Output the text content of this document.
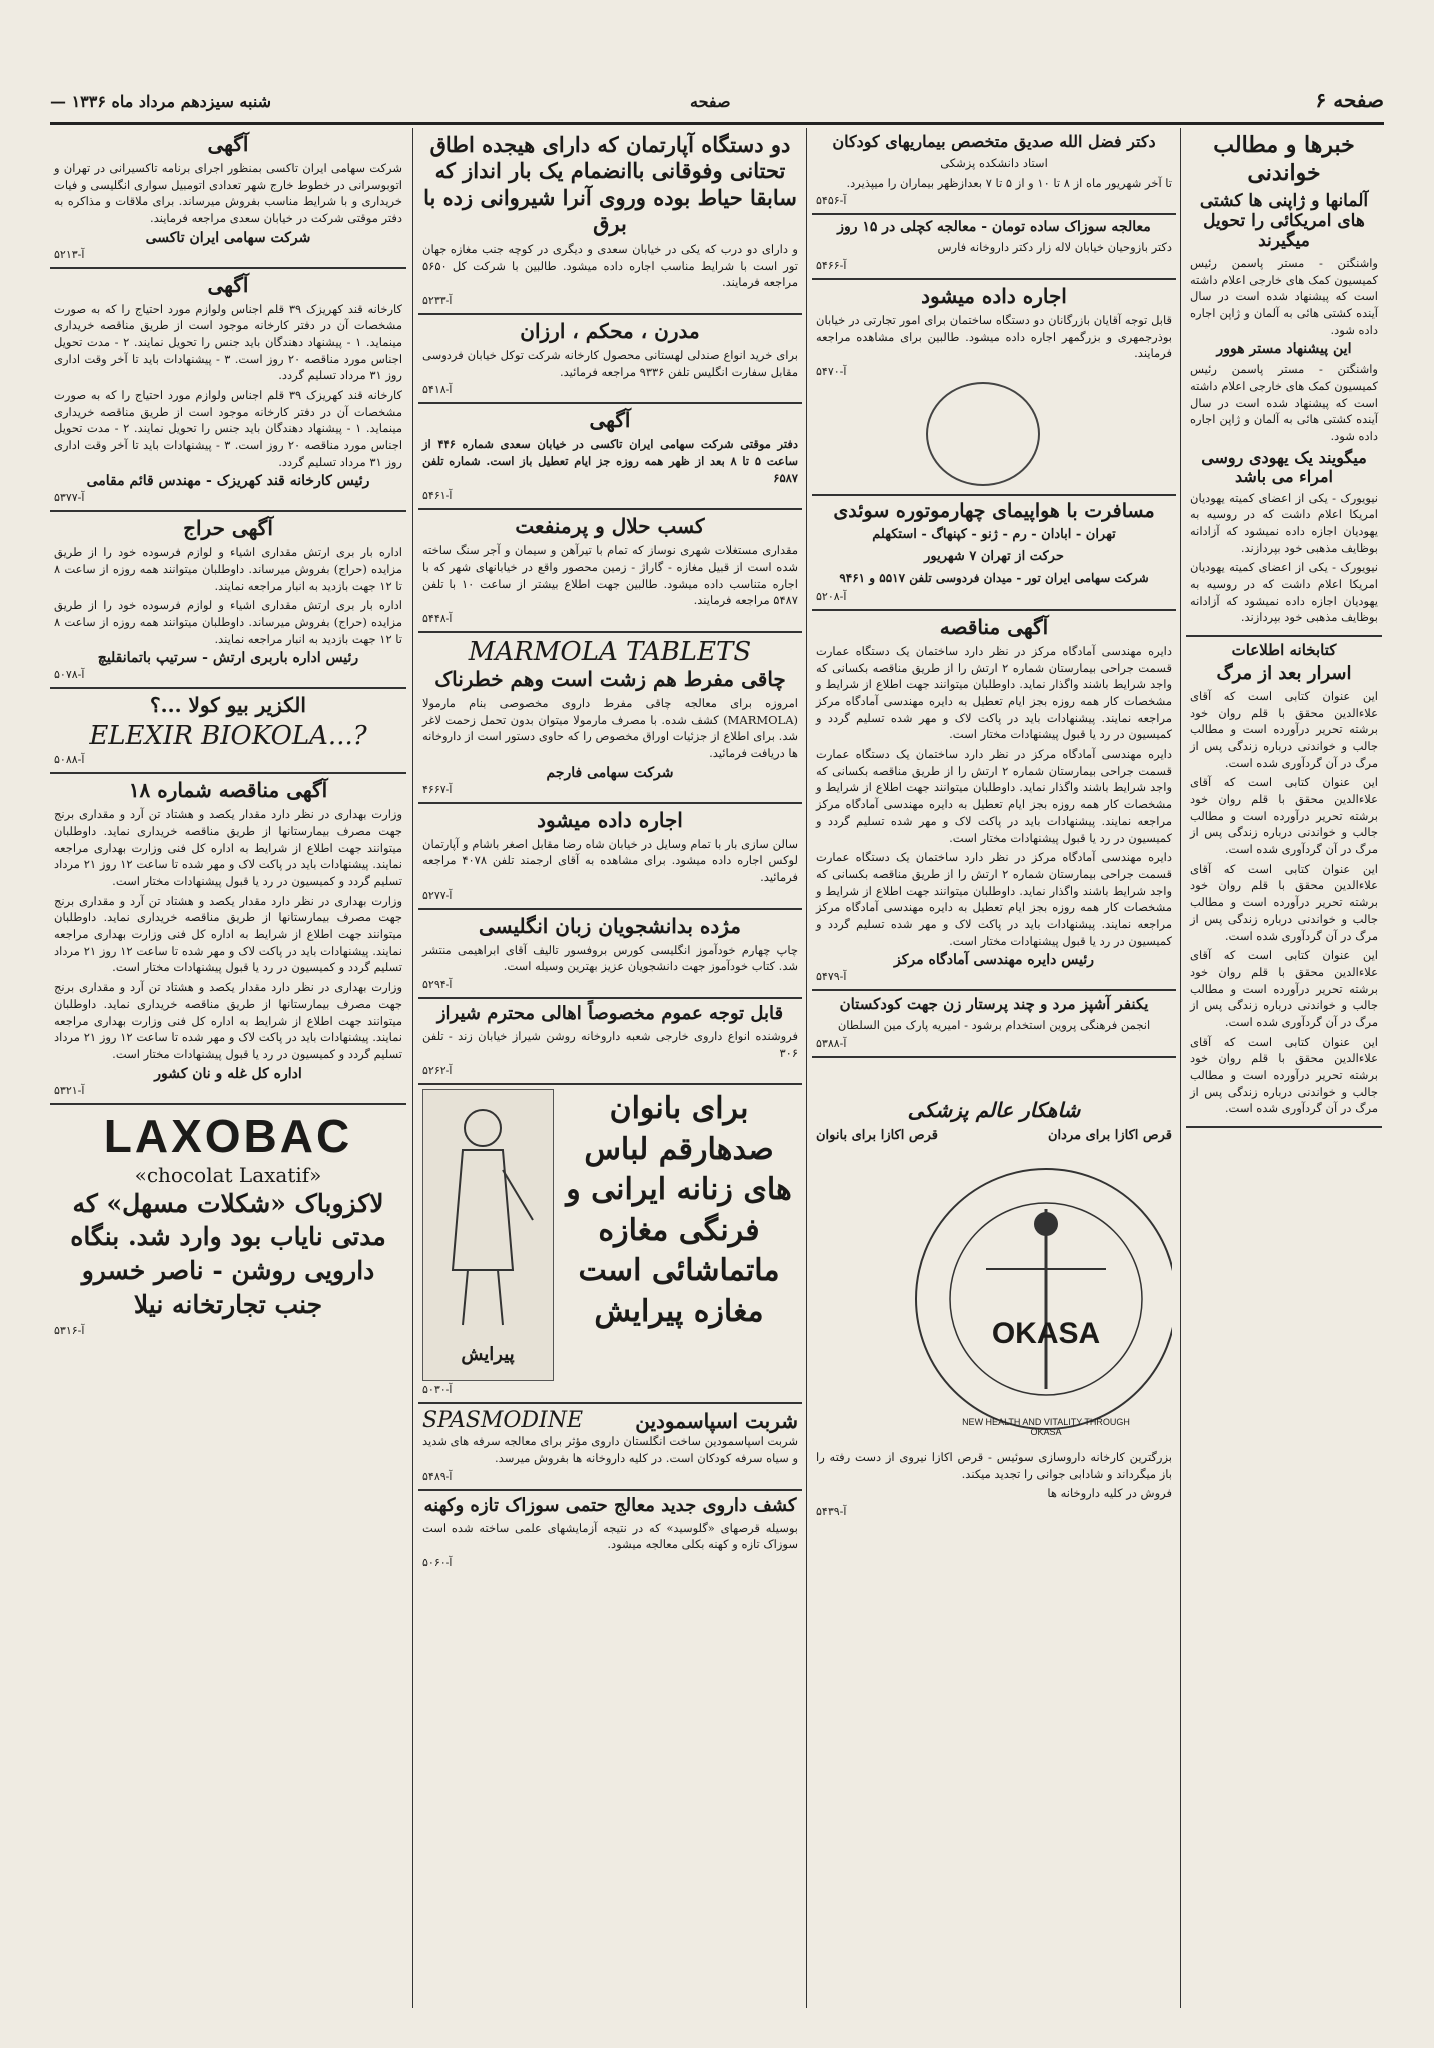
— شنبه سیزدهم مرداد ماه ۱۳۳۶	صفحه	صفحه ۶
خبرها و مطالب خواندنی
آلمانها و ژاپنی ها کشتی های امریکائی را تحویل میگیرند

واشنگتن - مستر پاسمن رئیس کمیسیون کمک های خارجی اعلام داشته است که پیشنهاد شده است در سال آینده کشتی هائی به آلمان و ژاپن اجاره داده شود.

این پیشنهاد مستر هوور

واشنگتن - مستر پاسمن رئیس کمیسیون کمک های خارجی اعلام داشته است که پیشنهاد شده است در سال آینده کشتی هائی به آلمان و ژاپن اجاره داده شود.

میگویند یک یهودی روسی امراء می باشد

نیویورک - یکی از اعضای کمیته یهودیان امریکا اعلام داشت که در روسیه به یهودیان اجازه داده نمیشود که آزادانه بوظایف مذهبی خود بپردازند.

نیویورک - یکی از اعضای کمیته یهودیان امریکا اعلام داشت که در روسیه به یهودیان اجازه داده نمیشود که آزادانه بوظایف مذهبی خود بپردازند.

کتابخانه اطلاعات
اسرار بعد از مرگ

این عنوان کتابی است که آقای علاءالدین محقق با قلم روان خود برشته تحریر درآورده است و مطالب جالب و خواندنی درباره زندگی پس از مرگ در آن گردآوری شده است.

این عنوان کتابی است که آقای علاءالدین محقق با قلم روان خود برشته تحریر درآورده است و مطالب جالب و خواندنی درباره زندگی پس از مرگ در آن گردآوری شده است.

این عنوان کتابی است که آقای علاءالدین محقق با قلم روان خود برشته تحریر درآورده است و مطالب جالب و خواندنی درباره زندگی پس از مرگ در آن گردآوری شده است.

این عنوان کتابی است که آقای علاءالدین محقق با قلم روان خود برشته تحریر درآورده است و مطالب جالب و خواندنی درباره زندگی پس از مرگ در آن گردآوری شده است.

این عنوان کتابی است که آقای علاءالدین محقق با قلم روان خود برشته تحریر درآورده است و مطالب جالب و خواندنی درباره زندگی پس از مرگ در آن گردآوری شده است.

دکتر فضل الله صدیق متخصص بیماریهای کودکان

استاد دانشکده پزشکی

تا آخر شهریور ماه از ۸ تا ۱۰ و از ۵ تا ۷ بعدازظهر بیماران را میپذیرد.

آ-۵۴۵۶
معالجه سوزاک ساده تومان - معالجه کچلی در ۱۵ روز

دکتر بازوحیان خیابان لاله زار دکتر داروخانه فارس

آ-۵۴۶۶
اجاره داده میشود

قابل توجه آقایان بازرگانان دو دستگاه ساختمان برای امور تجارتی در خیابان بوذرجمهری و بزرگمهر اجاره داده میشود. طالبین برای مشاهده مراجعه فرمایند.

آ-۵۴۷۰
مسافرت با هواپیمای چهارموتوره سوئدی

تهران - ابادان - رم - ژنو - کپنهاگ - استکهلم

حرکت از تهران ۷ شهریور

شرکت سهامی ایران تور - میدان فردوسی تلفن ۵۵۱۷ و ۹۴۶۱

آ-۵۲۰۸
آگهی مناقصه

دایره مهندسی آمادگاه مرکز در نظر دارد ساختمان یک دستگاه عمارت قسمت جراحی بیمارستان شماره ۲ ارتش را از طریق مناقصه بکسانی که واجد شرایط باشند واگذار نماید. داوطلبان میتوانند جهت اطلاع از شرایط و مشخصات کار همه روزه بجز ایام تعطیل به دایره مهندسی آمادگاه مرکز مراجعه نمایند. پیشنهادات باید در پاکت لاک و مهر شده تسلیم گردد و کمیسیون در رد یا قبول پیشنهادات مختار است.

دایره مهندسی آمادگاه مرکز در نظر دارد ساختمان یک دستگاه عمارت قسمت جراحی بیمارستان شماره ۲ ارتش را از طریق مناقصه بکسانی که واجد شرایط باشند واگذار نماید. داوطلبان میتوانند جهت اطلاع از شرایط و مشخصات کار همه روزه بجز ایام تعطیل به دایره مهندسی آمادگاه مرکز مراجعه نمایند. پیشنهادات باید در پاکت لاک و مهر شده تسلیم گردد و کمیسیون در رد یا قبول پیشنهادات مختار است.

دایره مهندسی آمادگاه مرکز در نظر دارد ساختمان یک دستگاه عمارت قسمت جراحی بیمارستان شماره ۲ ارتش را از طریق مناقصه بکسانی که واجد شرایط باشند واگذار نماید. داوطلبان میتوانند جهت اطلاع از شرایط و مشخصات کار همه روزه بجز ایام تعطیل به دایره مهندسی آمادگاه مرکز مراجعه نمایند. پیشنهادات باید در پاکت لاک و مهر شده تسلیم گردد و کمیسیون در رد یا قبول پیشنهادات مختار است.

رئیس دایره مهندسی آمادگاه مرکز
آ-۵۴۷۹
یکنفر آشپز مرد و چند پرستار زن جهت کودکستان

انجمن فرهنگی پروین استخدام برشود - امیریه پارک مین السلطان

آ-۵۳۸۸
شاهکار عالم پزشکی
قرص اکازا برای مردان
قرص اکازا برای بانوان
OKASA
NEW HEALTH AND VITALITY THROUGH OKASA

بزرگترین کارخانه داروسازی سوئیس - قرص اکازا نیروی از دست رفته را باز میگرداند و شادابی جوانی را تجدید میکند.

فروش در کلیه داروخانه ها

آ-۵۴۳۹
دو دستگاه آپارتمان که دارای هیجده اطاق تحتانی وفوقانی باانضمام یک بار انداز که سابقا حیاط بوده وروی آنرا شیروانی زده با برق

و دارای دو درب که یکی در خیابان سعدی و دیگری در کوچه جنب مغازه جهان تور است با شرایط مناسب اجاره داده میشود. طالبین با شرکت کل ۵۶۵۰ مراجعه فرمایند.

آ-۵۲۳۳
مدرن ، محکم ، ارزان

برای خرید انواع صندلی لهستانی محصول کارخانه شرکت توکل خیابان فردوسی مقابل سفارت انگلیس تلفن ۹۳۳۶ مراجعه فرمائید.

آ-۵۴۱۸
آگهی

دفتر موقتی شرکت سهامی ایران تاکسی در خیابان سعدی شماره ۴۴۶ از ساعت ۵ تا ۸ بعد از ظهر همه روزه جز ایام تعطیل باز است. شماره تلفن ۶۵۸۷

آ-۵۴۶۱
کسب حلال و پرمنفعت

مقداری مستغلات شهری نوساز که تمام با تیرآهن و سیمان و آجر سنگ ساخته شده است از قبیل مغازه - گاراژ - زمین محصور واقع در خیابانهای شهر که با اجاره متناسب داده میشود. طالبین جهت اطلاع بیشتر از ساعت ۱۰ با تلفن ۵۴۸۷ مراجعه فرمایند.

آ-۵۴۴۸
MARMOLA TABLETS
چاقی مفرط هم زشت است وهم خطرناک

امروزه برای معالجه چاقی مفرط داروی مخصوصی بنام مارمولا (MARMOLA) کشف شده. با مصرف مارمولا میتوان بدون تحمل زحمت لاغر شد. برای اطلاع از جزئیات اوراق مخصوص را که حاوی دستور است از داروخانه ها دریافت فرمائید.

شرکت سهامی فارجم
آ-۴۶۶۷
اجاره داده میشود

سالن سازی بار با تمام وسایل در خیابان شاه رضا مقابل اصغر باشام و آپارتمان لوکس اجاره داده میشود. برای مشاهده به آقای ارجمند تلفن ۴۰۷۸ مراجعه فرمائید.

آ-۵۲۷۷
مژده بدانشجویان زبان انگلیسی

چاپ چهارم خودآموز انگلیسی کورس بروفسور تالیف آقای ابراهیمی منتشر شد. کتاب خودآموز جهت دانشجویان عزیز بهترین وسیله است.

آ-۵۲۹۴
قابل توجه عموم مخصوصاً اهالی محترم شیراز

فروشنده انواع داروی خارجی شعبه داروخانه روشن شیراز خیابان زند - تلفن ۳۰۶

آ-۵۲۶۲
برای بانوان صدهارقم لباس های زنانه ایرانی و فرنگی مغازه ماتماشائی است مغازه پیرایش
پیرایش
آ-۵۰۳۰
شربت اسپاسمودین
SPASMODINE

شربت اسپاسمودین ساخت انگلستان داروی مؤثر برای معالجه سرفه های شدید و سیاه سرفه کودکان است. در کلیه داروخانه ها بفروش میرسد.

آ-۵۴۸۹
کشف داروی جدید معالج حتمی سوزاک تازه وکهنه

بوسیله قرصهای «گلوسید» که در نتیجه آزمایشهای علمی ساخته شده است سوزاک تازه و کهنه بکلی معالجه میشود.

آ-۵۰۶۰
آگهی

شرکت سهامی ایران تاکسی بمنظور اجرای برنامه تاکسیرانی در تهران و اتوبوسرانی در خطوط خارج شهر تعدادی اتومبیل سواری انگلیسی و فیات خریداری و با شرایط مناسب بفروش میرساند. برای ملاقات و مذاکره به دفتر موقتی شرکت در خیابان سعدی مراجعه فرمایند.

شرکت سهامی ایران تاکسی
آ-۵۲۱۳
آگهی

کارخانه قند کهریزک ۳۹ قلم اجناس ولوازم مورد احتیاج را که به صورت مشخصات آن در دفتر کارخانه موجود است از طریق مناقصه خریداری مینماید. ۱ - پیشنهاد دهندگان باید جنس را تحویل نمایند. ۲ - مدت تحویل اجناس مورد مناقصه ۲۰ روز است. ۳ - پیشنهادات باید تا آخر وقت اداری روز ۳۱ مرداد تسلیم گردد.

کارخانه قند کهریزک ۳۹ قلم اجناس ولوازم مورد احتیاج را که به صورت مشخصات آن در دفتر کارخانه موجود است از طریق مناقصه خریداری مینماید. ۱ - پیشنهاد دهندگان باید جنس را تحویل نمایند. ۲ - مدت تحویل اجناس مورد مناقصه ۲۰ روز است. ۳ - پیشنهادات باید تا آخر وقت اداری روز ۳۱ مرداد تسلیم گردد.

رئیس کارخانه قند کهریزک - مهندس قائم مقامی
آ-۵۳۷۷
آگهی حراج

اداره بار بری ارتش مقداری اشیاء و لوازم فرسوده خود را از طریق مزایده (حراج) بفروش میرساند. داوطلبان میتوانند همه روزه از ساعت ۸ تا ۱۲ جهت بازدید به انبار مراجعه نمایند.

اداره بار بری ارتش مقداری اشیاء و لوازم فرسوده خود را از طریق مزایده (حراج) بفروش میرساند. داوطلبان میتوانند همه روزه از ساعت ۸ تا ۱۲ جهت بازدید به انبار مراجعه نمایند.

رئیس اداره باربری ارتش - سرتیپ باتمانقلیچ
آ-۵۰۷۸
الکزیر بیو کولا ...؟
ELEXIR BIOKOLA...?
آ-۵۰۸۸
آگهی مناقصه شماره ۱۸

وزارت بهداری در نظر دارد مقدار یکصد و هشتاد تن آرد و مقداری برنج جهت مصرف بیمارستانها از طریق مناقصه خریداری نماید. داوطلبان میتوانند جهت اطلاع از شرایط به اداره کل فنی وزارت بهداری مراجعه نمایند. پیشنهادات باید در پاکت لاک و مهر شده تا ساعت ۱۲ روز ۲۱ مرداد تسلیم گردد و کمیسیون در رد یا قبول پیشنهادات مختار است.

وزارت بهداری در نظر دارد مقدار یکصد و هشتاد تن آرد و مقداری برنج جهت مصرف بیمارستانها از طریق مناقصه خریداری نماید. داوطلبان میتوانند جهت اطلاع از شرایط به اداره کل فنی وزارت بهداری مراجعه نمایند. پیشنهادات باید در پاکت لاک و مهر شده تا ساعت ۱۲ روز ۲۱ مرداد تسلیم گردد و کمیسیون در رد یا قبول پیشنهادات مختار است.

وزارت بهداری در نظر دارد مقدار یکصد و هشتاد تن آرد و مقداری برنج جهت مصرف بیمارستانها از طریق مناقصه خریداری نماید. داوطلبان میتوانند جهت اطلاع از شرایط به اداره کل فنی وزارت بهداری مراجعه نمایند. پیشنهادات باید در پاکت لاک و مهر شده تا ساعت ۱۲ روز ۲۱ مرداد تسلیم گردد و کمیسیون در رد یا قبول پیشنهادات مختار است.

اداره کل غله و نان کشور
آ-۵۳۲۱
LAXOBAC
«chocolat Laxatif»
لاکزوباک «شکلات مسهل» که مدتی نایاب بود وارد شد. بنگاه دارویی روشن - ناصر خسرو جنب تجارتخانه نیلا
آ-۵۳۱۶
